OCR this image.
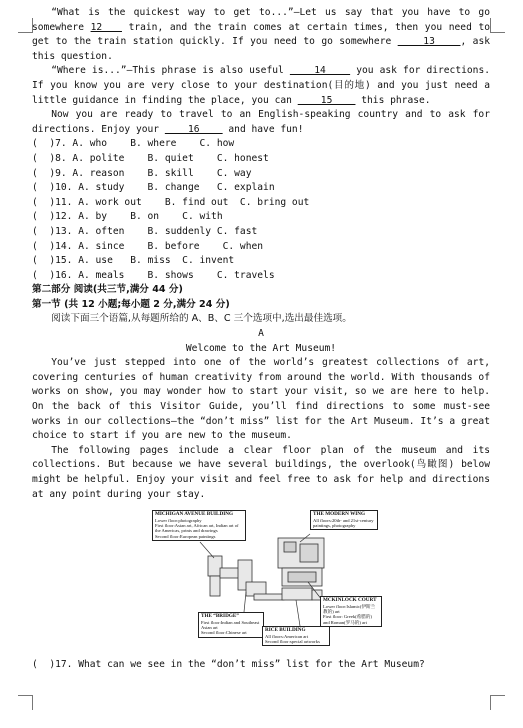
“What is the quickest way to get to...”—Let us say that you have to go somewhere 12    train, and the train comes at certain times, then you need to get to the train station quickly. If you need to go somewhere     13    , ask this question.

“Where is...”—This phrase is also useful     14     you ask for directions. If you know you are very close to your destination(目的地) and you just need a little guidance in finding the place, you can     15     this phrase.

Now you are ready to travel to an English-speaking country and to ask for directions. Enjoy your     16     and have fun!

(  )7. A. who    B. where    C. how

(  )8. A. polite    B. quiet    C. honest

(  )9. A. reason    B. skill    C. way

(  )10. A. study    B. change   C. explain

(  )11. A. work out    B. find out  C. bring out

(  )12. A. by    B. on    C. with

(  )13. A. often    B. suddenly C. fast

(  )14. A. since    B. before    C. when

(  )15. A. use   B. miss  C. invent

(  )16. A. meals    B. shows    C. travels

第二部分 阅读(共三节,满分 44 分)

第一节 (共 12 小题;每小题 2 分,满分 24 分)

阅读下面三个语篇,从每题所给的 A、B、C 三个选项中,选出最佳选项。

A

Welcome to the Art Museum!

You’ve just stepped into one of the world’s greatest collections of art, covering centuries of human creativity from around the world. With thousands of works on show, you may wonder how to start your visit, so we are here to help. On the back of this Visitor Guide, you’ll find directions to some must-see works in our collections—the “don’t miss” list for the Art Museum. It’s a great choice to start if you are new to the museum.

The following pages include a clear floor plan of the museum and its collections. But because we have several buildings, the overlook(鸟瞰图) below might be helpful. Enjoy your visit and feel free to ask for help and directions at any point during your stay.

MICHIGAN AVENUE BUILDING
Lower floor:photography
First floor:Asian art, African art, Indian art of the Americas, prints and drawings
Second floor:European paintings
THE MODERN WING
All floors:20th- and 21st-century paintings, photography
THE “BRIDGE”
First floor:Indian and Southeast Asian art
Second floor:Chinese art
MCKINLOCK COURT
Lower floor:Islamic(伊斯兰教的) art
First floor: Greek(希腊的) and Roman(罗马的) art
RICE BUILDING
All floors:American art
Second floor:special artworks

(  )17. What can we see in the “don’t miss” list for the Art Museum?
